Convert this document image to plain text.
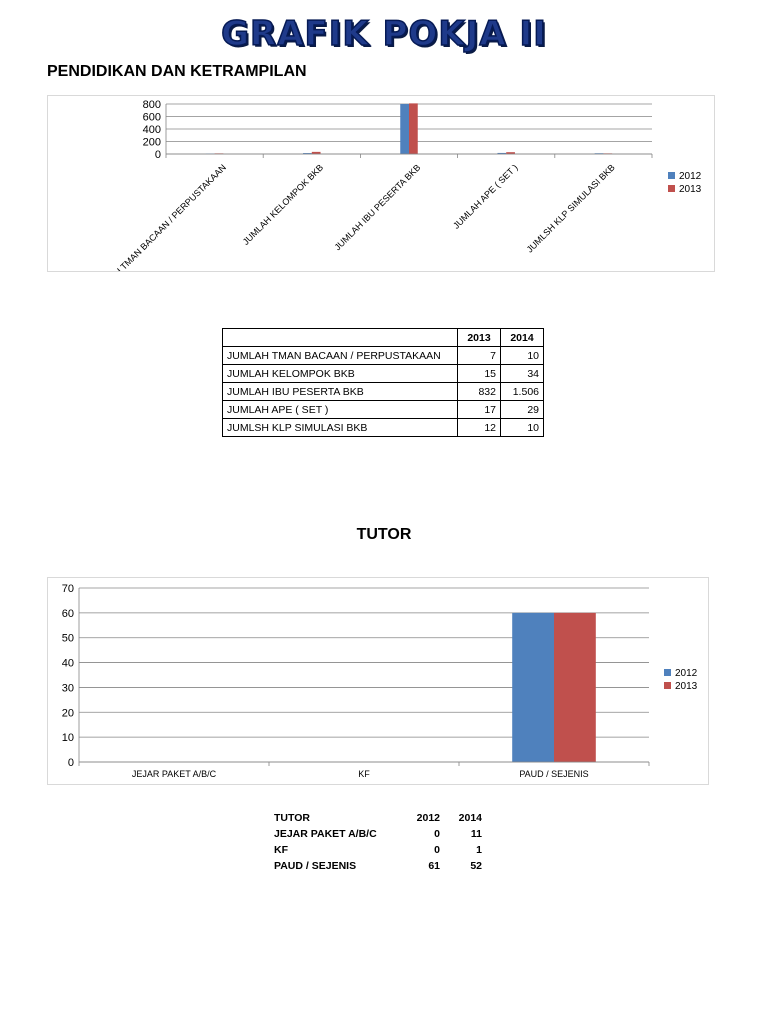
GRAFIK POKJA II
PENDIDIKAN DAN KETRAMPILAN
0
200
400
600
800
JUMLAH TMAN BACAAN / PERPUSTAKAAN JUMLAH KELOMPOK BKB JUMLAH IBU PESERTA BKB	JUMLAH APE ( SET ) JUMLSH KLP SIMULASI BKB	2012
2013
	2013	2014
JUMLAH TMAN BACAAN / PERPUSTAKAAN	7	10
JUMLAH KELOMPOK BKB	15	34
JUMLAH IBU PESERTA BKB	832	1.506
JUMLAH APE ( SET )	17	29
JUMLSH KLP SIMULASI BKB	12	10
TUTOR
0
10
20
30
40
50
60
70
JEJAR PAKET A/B/C	KF	PAUD / SEJENIS
2012
2013
TUTOR	2012	2014
JEJAR PAKET A/B/C	0	11
KF	0	1
PAUD / SEJENIS	61	52
